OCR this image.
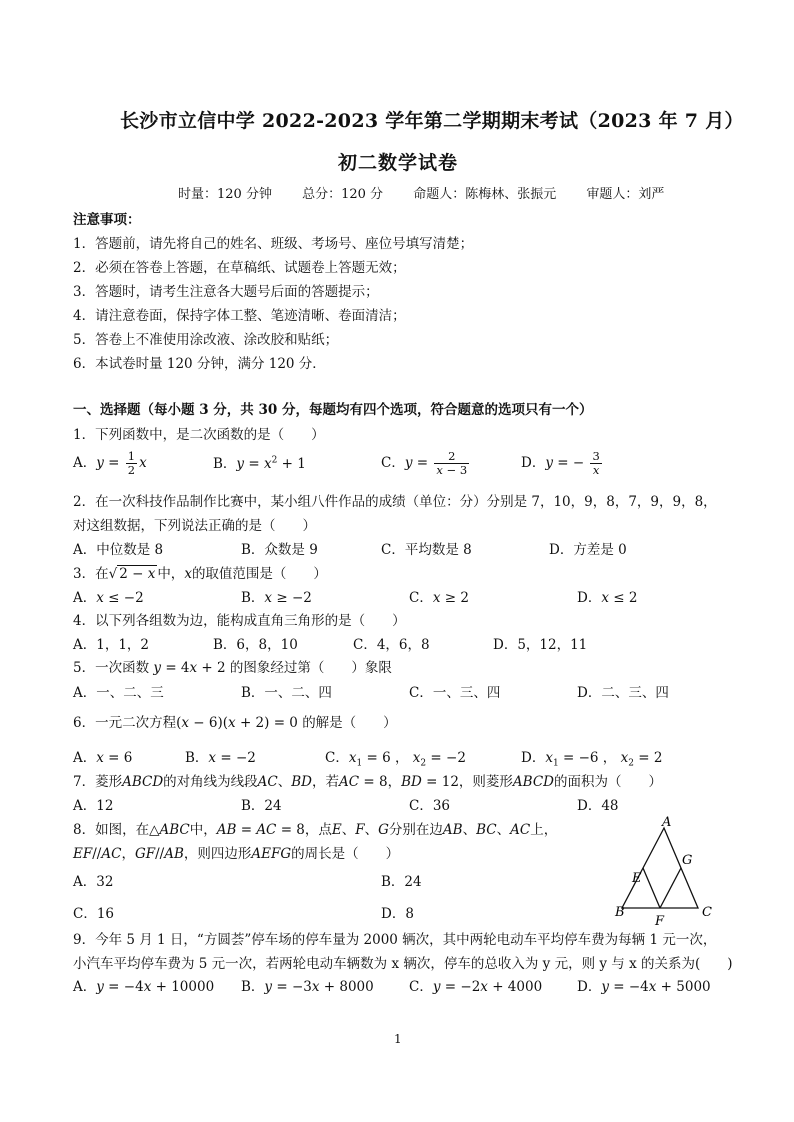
长沙市立信中学 2022-2023 学年第二学期期末考试（2023 年 7 月）
初二数学试卷
时量：120 分钟 总分：120 分 命题人：陈梅林、张振元 审题人：刘严
注意事项：
1．答题前，请先将自己的姓名、班级、考场号、座位号填写清楚；
2．必须在答卷上答题，在草稿纸、试题卷上答题无效；
3．答题时，请考生注意各大题号后面的答题提示；
4．请注意卷面，保持字体工整、笔迹清晰、卷面清洁；
5．答卷上不准使用涂改液、涂改胶和贴纸；
6．本试卷时量 120 分钟，满分 120 分．
一、选择题（每小题 3 分，共 30 分，每题均有四个选项，符合题意的选项只有一个）
1．下列函数中，是二次函数的是（　　）
A．$y = \frac{1}{2}$ x	B．$y = x^2 + 1$	C．$y = \frac{2}{x - 3}$	D．y = − $\frac{3}{x}$
2．在一次科技作品制作比赛中，某小组八件作品的成绩（单位：分）分别是 7，10，9，8，7，9，9，8，
对这组数据，下列说法正确的是（　　）
A．中位数是 8	B．众数是 9	C．平均数是 8	D．方差是 0
3．在√ 2 − x 中，x的取值范围是（　　）
A．x ≤ −2	B．x ≥ −2	C．x ≥ 2	D．x ≤ 2
4．以下列各组数为边，能构成直角三角形的是（　　）
A．1，1，2	B．6，8，10	C．4，6，8	D．5，12，11
5．一次函数 y = 4x + 2 的图象经过第（　　）象限
A．一、二、三	B．一、二、四	C．一、三、四	D．二、三、四
6．一元二次方程(x − 6)(x + 2) = 0 的解是（　　）
A．x = 6	B．x = −2	C．$x_1 = 6$ ， $x_2 = -2$	D．$x_1 = -6$ ， $x_2 = 2$
7．菱形ABCD的对角线为线段AC、BD，若AC = 8，BD = 12，则菱形ABCD的面积为（　　）
A．12	B．24	C．36	D．48
8．如图，在△ABC中，AB = AC = 8，点E、F、G分别在边AB、BC、AC上，
EF//AC，GF//AB，则四边形AEFG的周长是（　　）
A．32	B．24
C．16	D．8
A
G
E
B
F
C
9．今年 5 月 1 日，“方圆荟”停车场的停车量为 2000 辆次，其中两轮电动车平均停车费为每辆 1 元一次，
小汽车平均停车费为 5 元一次，若两轮电动车辆数为 x 辆次，停车的总收入为 y 元，则 y 与 x 的关系为(　　)
A．y = −4x + 10000 B．y = −3x + 8000	C．y = −2x + 4000	D．y = −4x + 5000
1
